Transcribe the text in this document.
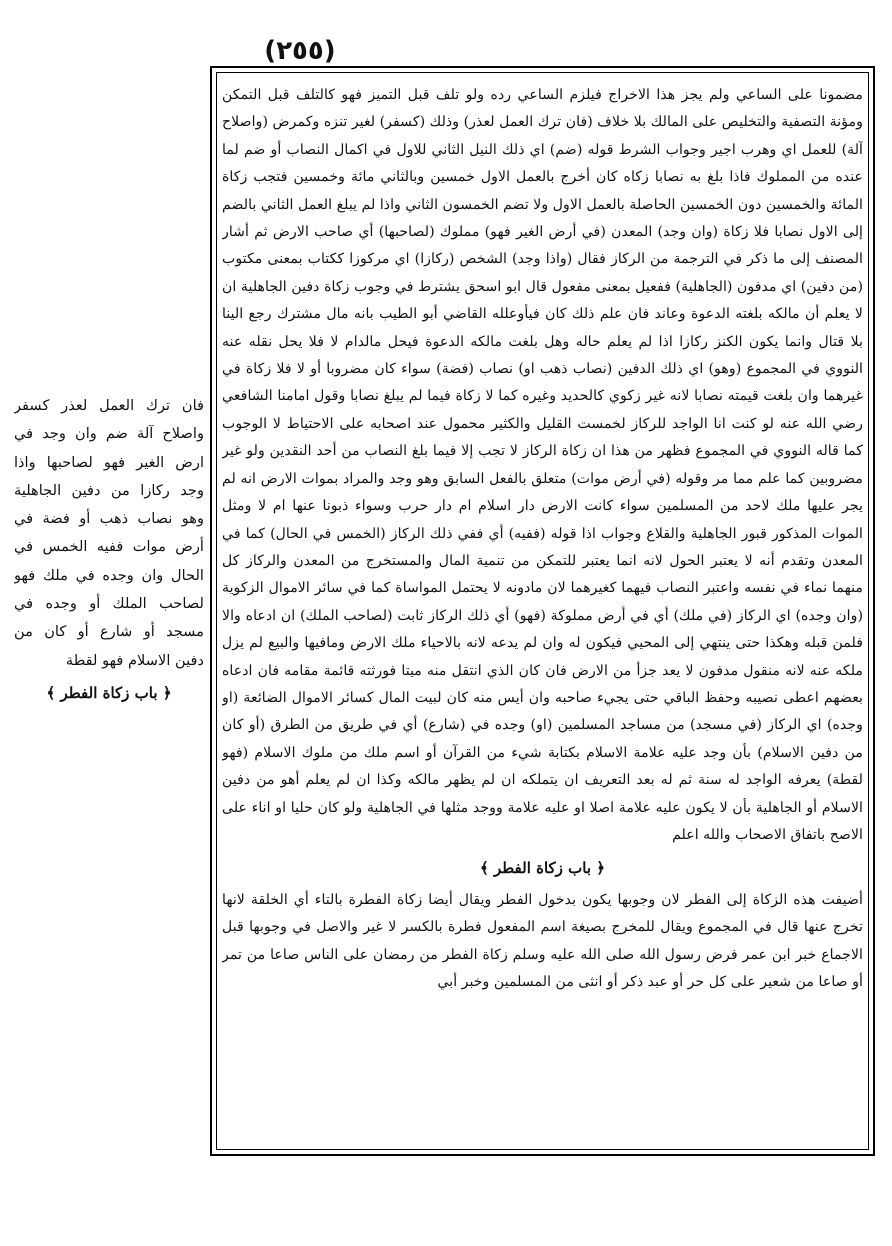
(٢٥٥)

مضمونا على الساعي ولم يجز هذا الاخراج فيلزم الساعي رده ولو تلف قبل التميز فهو كالتلف قبل التمكن ومؤنة التصفية والتخليص على المالك بلا خلاف (فان ترك العمل لعذر) وذلك (كسفر) لغير تنزه وكمرض (واصلاح آلة) للعمل اي وهرب اجير وجواب الشرط قوله (ضم) اي ذلك النيل الثاني للاول في اكمال النصاب أو ضم لما عنده من المملوك فاذا بلغ به نصابا زكاه كان أخرج بالعمل الاول خمسين وبالثاني مائة وخمسين فتجب زكاة المائة والخمسين دون الخمسين الحاصلة بالعمل الاول ولا تضم الخمسون الثاني واذا لم يبلغ العمل الثاني بالضم إلى الاول نصابا فلا زكاة (وان وجد) المعدن (في أرض الغير فهو) مملوك (لصاحبها) أي صاحب الارض ثم أشار المصنف إلى ما ذكر في الترجمة من الركاز فقال (واذا وجد) الشخص (ركازا) اي مركوزا ككتاب بمعنى مكتوب (من دفين) اي مدفون (الجاهلية) ففعيل بمعنى مفعول قال ابو اسحق يشترط في وجوب زكاة دفين الجاهلية ان لا يعلم أن مالكه بلغته الدعوة وعاند فان علم ذلك كان فيأوعلله القاضي أبو الطيب بانه مال مشترك رجع الينا بلا قتال وانما يكون الكنز ركازا اذا لم يعلم حاله وهل بلغت مالكه الدعوة فيحل مالدام لا فلا يحل نقله عنه النووي في المجموع (وهو) اي ذلك الدفين (نصاب ذهب او) نصاب (فضة) سواء كان مضروبا أو لا فلا زكاة في غيرهما وان بلغت قيمته نصابا لانه غير زكوي كالحديد وغيره كما لا زكاة فيما لم يبلغ نصابا وقول امامنا الشافعي رضي الله عنه لو كنت انا الواجد للركاز لخمست القليل والكثير محمول عند اصحابه على الاحتياط لا الوجوب كما قاله النووي في المجموع فظهر من هذا ان زكاة الركاز لا تجب إلا فيما بلغ النصاب من أحد النقدين ولو غير مضروبين كما علم مما مر وقوله (في أرض موات) متعلق بالفعل السابق وهو وجد والمراد بموات الارض انه لم يجر عليها ملك لاحد من المسلمين سواء كانت الارض دار اسلام ام دار حرب وسواء ذبونا عنها ام لا ومثل الموات المذكور قبور الجاهلية والقلاع وجواب اذا قوله (ففيه) أي ففي ذلك الركاز (الخمس في الحال) كما في المعدن وتقدم أنه لا يعتبر الحول لانه انما يعتبر للتمكن من تنمية المال والمستخرج من المعدن والركاز كل منهما نماء في نفسه واعتبر النصاب فيهما كغيرهما لان مادونه لا يحتمل المواساة كما في سائر الاموال الزكوية (وان وجده) اي الركاز (في ملك) أي في أرض مملوكة (فهو) أي ذلك الركاز ثابت (لصاحب الملك) ان ادعاه والا فلمن قبله وهكذا حتى ينتهي إلى المحيي فيكون له وان لم يدعه لانه بالاحياء ملك الارض ومافيها والبيع لم يزل ملكه عنه لانه منقول مدفون لا يعد جزأ من الارض فان كان الذي انتقل منه ميتا فورثته قائمة مقامه فان ادعاه بعضهم اعطى نصيبه وحفظ الباقي حتى يجيء صاحبه وان أيس منه كان لبيت المال كسائر الاموال الضائعة (او وجده) اي الركاز (في مسجد) من مساجد المسلمين (او) وجده في (شارع) أي في طريق من الطرق (أو كان من دفين الاسلام) بأن وجد عليه علامة الاسلام بكتابة شيء من القرآن أو اسم ملك من ملوك الاسلام (فهو لقطة) يعرفه الواجد له سنة ثم له بعد التعريف ان يتملكه ان لم يظهر مالكه وكذا ان لم يعلم أهو من دفين الاسلام أو الجاهلية بأن لا يكون عليه علامة اصلا او عليه علامة ووجد مثلها في الجاهلية ولو كان حليا او اناء على الاصح باتفاق الاصحاب والله اعلم

﴿ باب زكاة الفطر ﴾

أضيفت هذه الزكاة إلى الفطر لان وجوبها يكون بدخول الفطر ويقال أيضا زكاة الفطرة بالتاء أي الخلقة لانها تخرج عنها قال في المجموع ويقال للمخرج بصيغة اسم المفعول فطرة بالكسر لا غير والاصل في وجوبها قبل الاجماع خبر ابن عمر فرض رسول الله صلى الله عليه وسلم زكاة الفطر من رمضان على الناس صاعا من تمر أو صاعا من شعير على كل حر أو عبد ذكر أو انثى من المسلمين وخبر أبي

فان ترك العمل لعذر كسفر واصلاح آلة ضم وان وجد في ارض الغير فهو لصاحبها واذا وجد ركازا من دفين الجاهلية وهو نصاب ذهب أو فضة في أرض موات ففيه الخمس في الحال وان وجده في ملك فهو لصاحب الملك أو وجده في مسجد أو شارع أو كان من دفين الاسلام فهو لقطة

﴿ باب زكاة الفطر ﴾
